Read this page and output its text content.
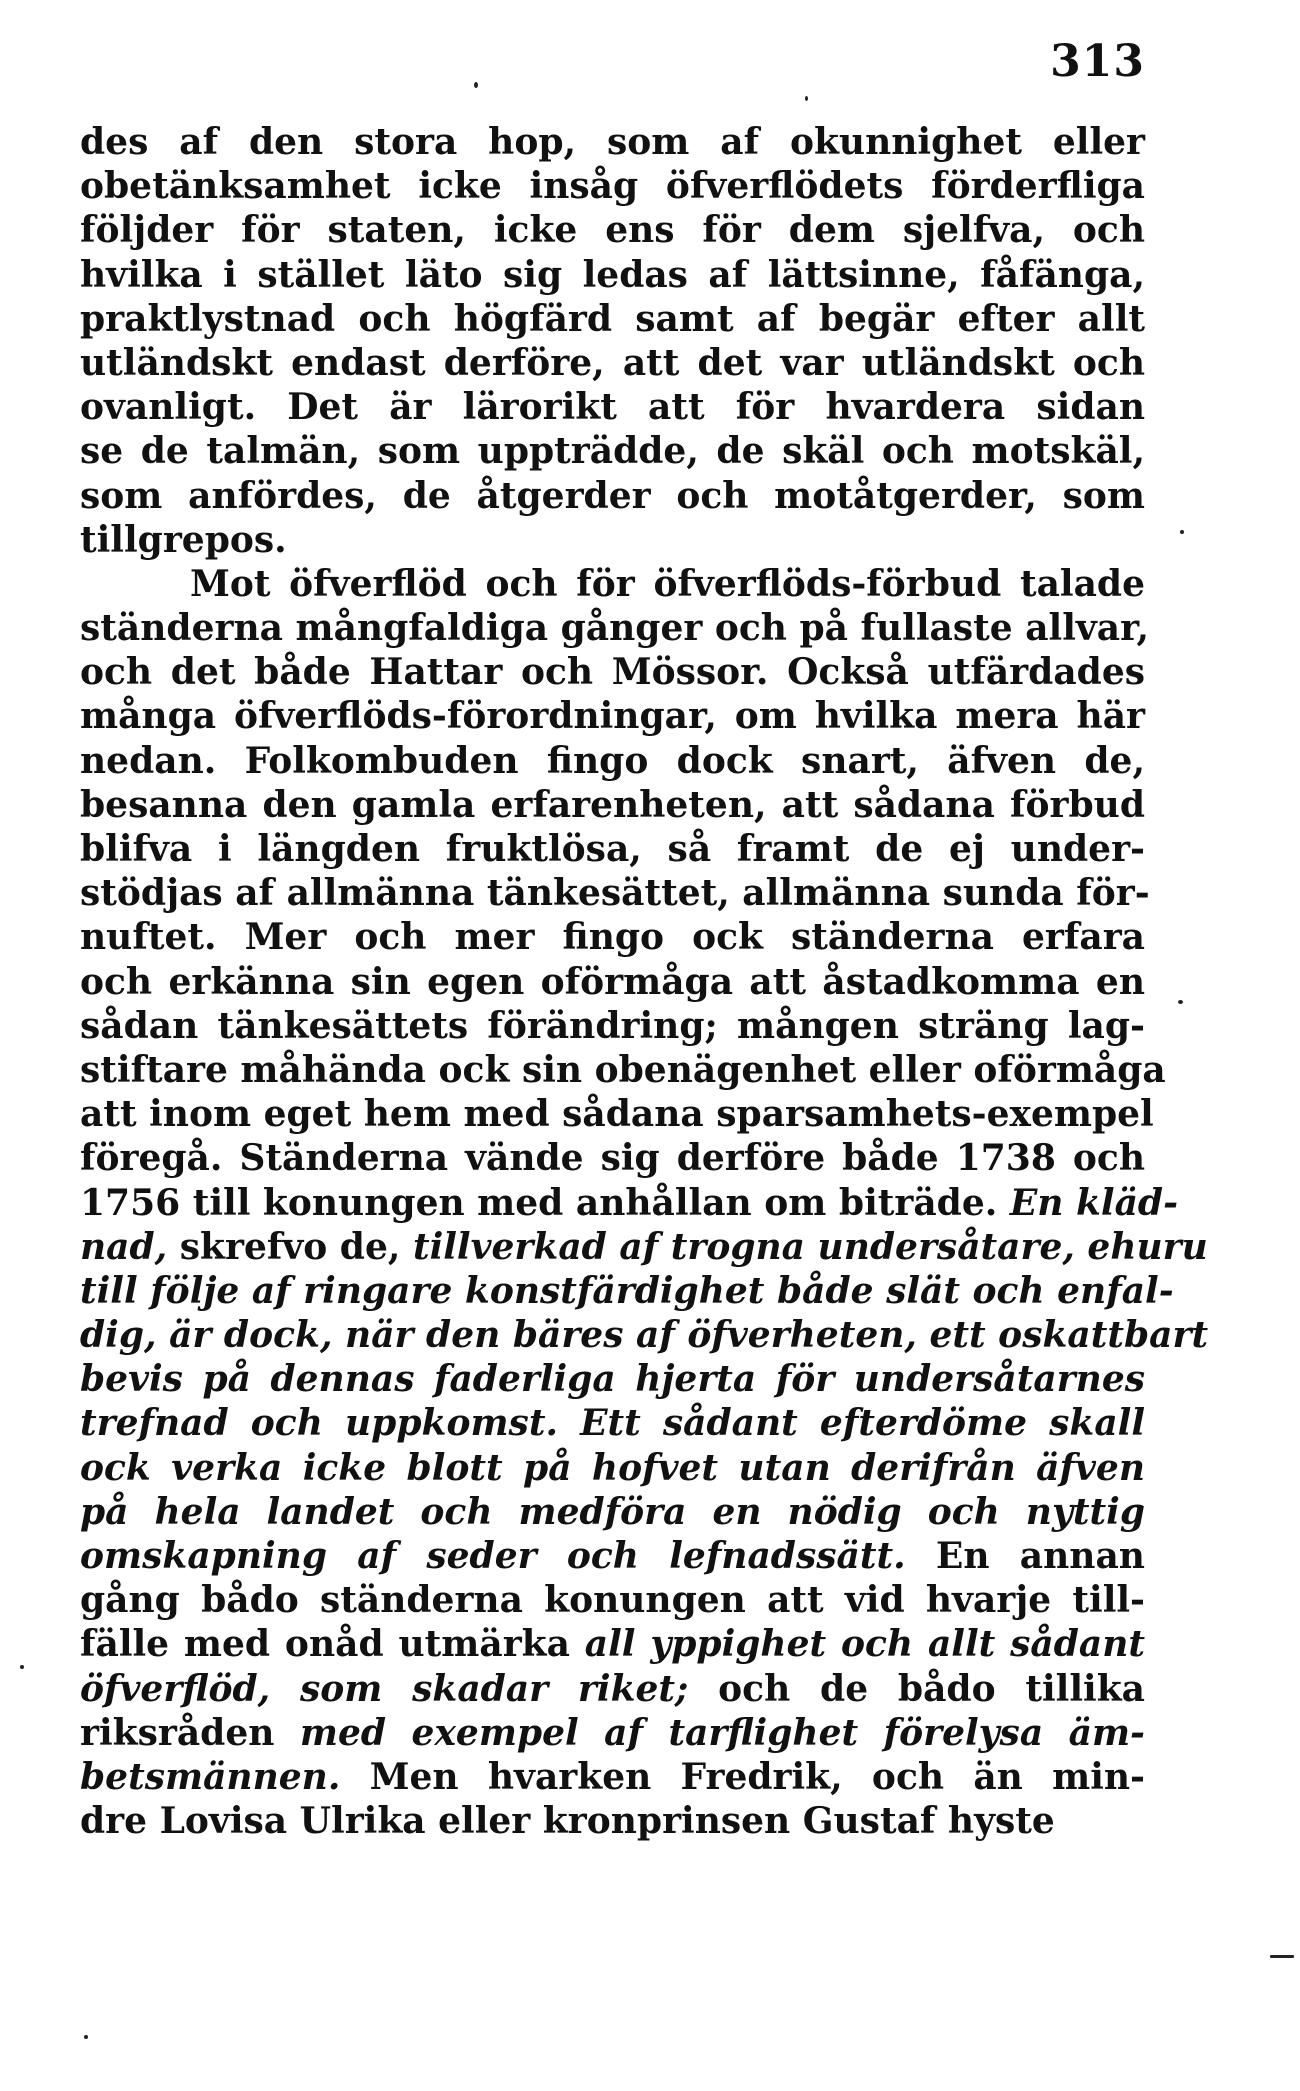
313
des af den stora hop, som af okunnighet eller
obetänksamhet icke insåg öfverflödets förderfliga
följder för staten, icke ens för dem sjelfva, och
hvilka i stället läto sig ledas af lättsinne, fåfänga,
praktlystnad och högfärd samt af begär efter allt
utländskt endast derföre, att det var utländskt och
ovanligt. Det är lärorikt att för hvardera sidan
se de talmän, som uppträdde, de skäl och motskäl,
som anfördes, de åtgerder och motåtgerder, som
tillgrepos.
Mot öfverflöd och för öfverflöds-förbud talade
ständerna mångfaldiga gånger och på fullaste allvar,
och det både Hattar och Mössor. Också utfärdades
många öfverflöds-förordningar, om hvilka mera här
nedan. Folkombuden fingo dock snart, äfven de,
besanna den gamla erfarenheten, att sådana förbud
blifva i längden fruktlösa, så framt de ej under-
stödjas af allmänna tänkesättet, allmänna sunda för-
nuftet. Mer och mer fingo ock ständerna erfara
och erkänna sin egen oförmåga att åstadkomma en
sådan tänkesättets förändring; mången sträng lag-
stiftare måhända ock sin obenägenhet eller oförmåga
att inom eget hem med sådana sparsamhets-exempel
föregå. Ständerna vände sig derföre både 1738 och
1756 till konungen med anhållan om biträde. En kläd-
nad, skrefvo de, tillverkad af trogna undersåtare, ehuru
till följe af ringare konstfärdighet både slät och enfal-
dig, är dock, när den bäres af öfverheten, ett oskattbart
bevis på dennas faderliga hjerta för undersåtarnes
trefnad och uppkomst. Ett sådant efterdöme skall
ock verka icke blott på hofvet utan derifrån äfven
på hela landet och medföra en nödig och nyttig
omskapning af seder och lefnadssätt. En annan
gång bådo ständerna konungen att vid hvarje till-
fälle med onåd utmärka all yppighet och allt sådant
öfverflöd, som skadar riket; och de bådo tillika
riksråden med exempel af tarflighet förelysa äm-
betsmännen. Men hvarken Fredrik, och än min-
dre Lovisa Ulrika eller kronprinsen Gustaf hyste
